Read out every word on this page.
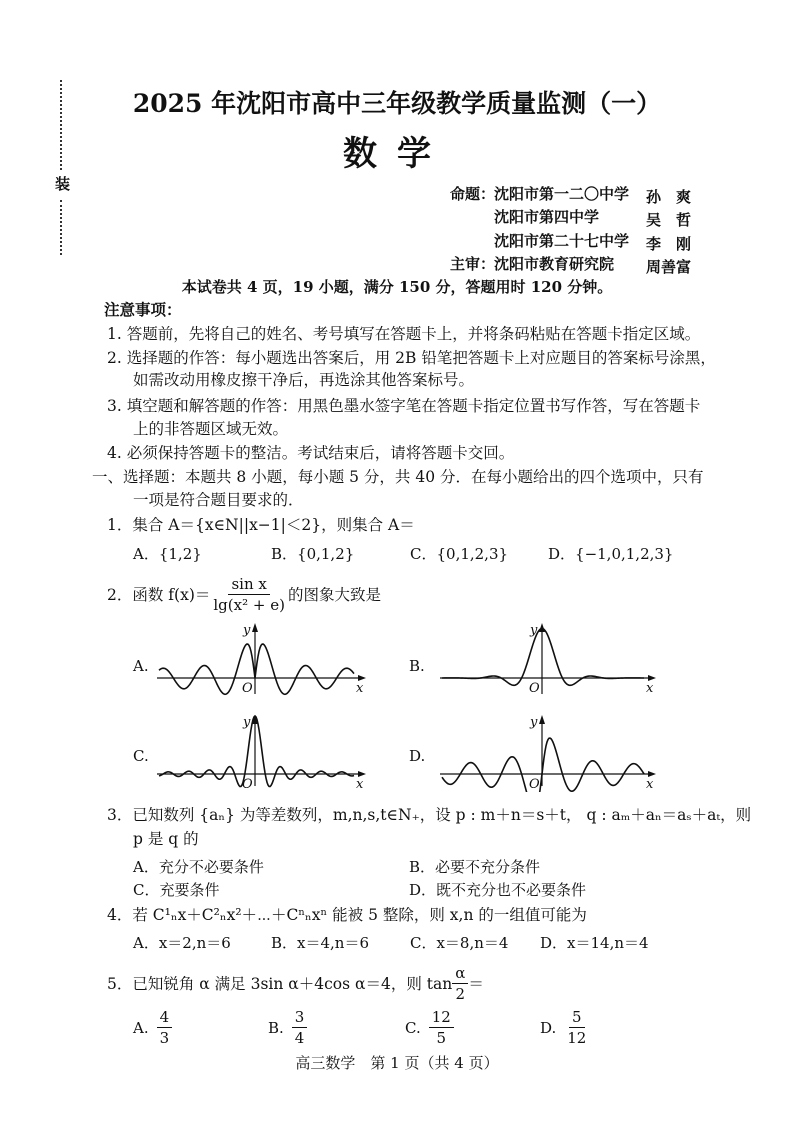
装
2025 年沈阳市高中三年级教学质量监测（一）
数学
命题：
沈阳市第一二〇中学 孙　爽
沈阳市第四中学	吴　哲
沈阳市第二十七中学 李　刚
主审：
沈阳市教育研究院 周善富
本试卷共 4 页，19 小题，满分 150 分，答题用时 120 分钟。
注意事项：
1. 答题前，先将自己的姓名、考号填写在答题卡上，并将条码粘贴在答题卡指定区域。
2. 选择题的作答：每小题选出答案后，用 2B 铅笔把答题卡上对应题目的答案标号涂黑，
如需改动用橡皮擦干净后，再选涂其他答案标号。
3. 填空题和解答题的作答：用黑色墨水签字笔在答题卡指定位置书写作答，写在答题卡
上的非答题区域无效。
4. 必须保持答题卡的整洁。考试结束后，请将答题卡交回。
一、选择题：本题共 8 小题，每小题 5 分，共 40 分．在每小题给出的四个选项中，只有
一项是符合题目要求的．
1．集合 A＝{x∈N||x−1|＜2}，则集合 A＝
A．{1,2}	B．{0,1,2}	C．{0,1,2,3}	D．{−1,0,1,2,3}
2．函数 $f(x)= \frac{\text{sin x}}{\text{lg(x² + e)}}$ 的图象大致是
A.	B.
C.	D.
y
x
O
y
x
O
y
x
O
y
x
O
3．已知数列 {aₙ} 为等差数列，m,n,s,t∈N₊，设 p : m＋n＝s＋t， q : aₘ＋aₙ＝aₛ＋aₜ，则
p 是 q 的
A．充分不必要条件	B．必要不充分条件
C．充要条件	D．既不充分也不必要条件
4．若 C¹ₙx＋C²ₙx²＋⋯＋Cⁿₙxⁿ 能被 5 整除，则 x,n 的一组值可能为
A．x＝2,n＝6	B．x＝4,n＝6	C．x＝8,n＝4 D．x＝14,n＝4
5．已知锐角 α 满足 3sin α＋4cos α＝4，则 $\tan \frac{\alpha}{2}$ ＝
A. $\frac{4}{3}$	B. $\frac{3}{4}$	C. $\frac{12}{5}$	D. $\frac{5}{12}$
高三数学　第 1 页（共 4 页）
